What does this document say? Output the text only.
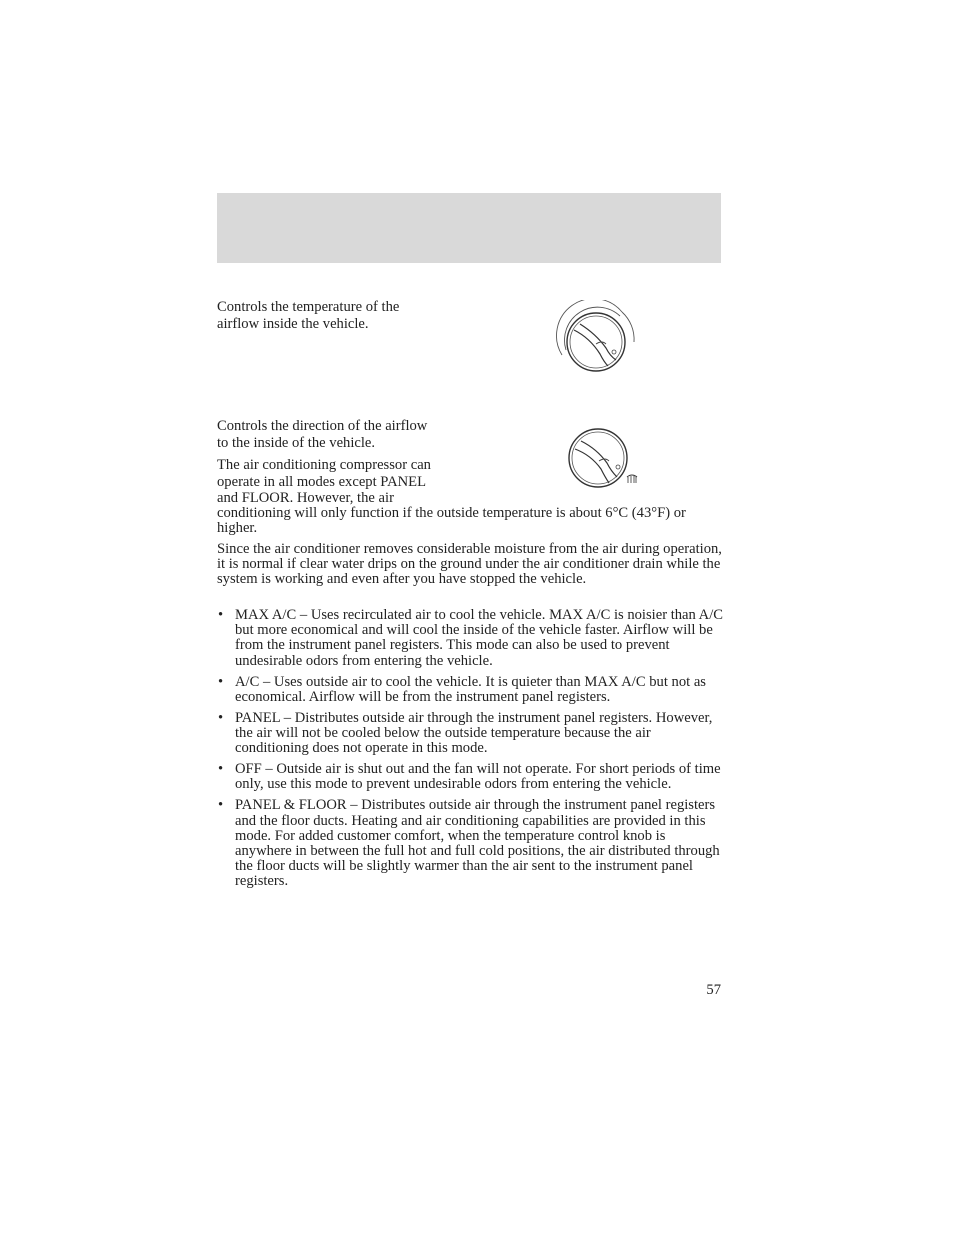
Controls the temperature of the
airflow inside the vehicle.

Controls the direction of the airflow
to the inside of the vehicle.

The air conditioning compressor can
operate in all modes except PANEL
and FLOOR. However, the air

conditioning will only function if the outside temperature is about 6°C (43°F) or higher.

Since the air conditioner removes considerable moisture from the air during operation, it is normal if clear water drips on the ground under the air conditioner drain while the system is working and even after you have stopped the vehicle.

• MAX A/C – Uses recirculated air to cool the vehicle. MAX A/C is noisier than A/C but more economical and will cool the inside of the vehicle faster. Airflow will be from the instrument panel registers. This mode can also be used to prevent undesirable odors from entering the vehicle.
• A/C – Uses outside air to cool the vehicle. It is quieter than MAX A/C but not as economical. Airflow will be from the instrument panel registers.
• PANEL – Distributes outside air through the instrument panel registers. However, the air will not be cooled below the outside temperature because the air conditioning does not operate in this mode.
• OFF – Outside air is shut out and the fan will not operate. For short periods of time only, use this mode to prevent undesirable odors from entering the vehicle.
• PANEL & FLOOR – Distributes outside air through the instrument panel registers and the floor ducts. Heating and air conditioning capabilities are provided in this mode. For added customer comfort, when the temperature control knob is anywhere in between the full hot and full cold positions, the air distributed through the floor ducts will be slightly warmer than the air sent to the instrument panel registers.
57
